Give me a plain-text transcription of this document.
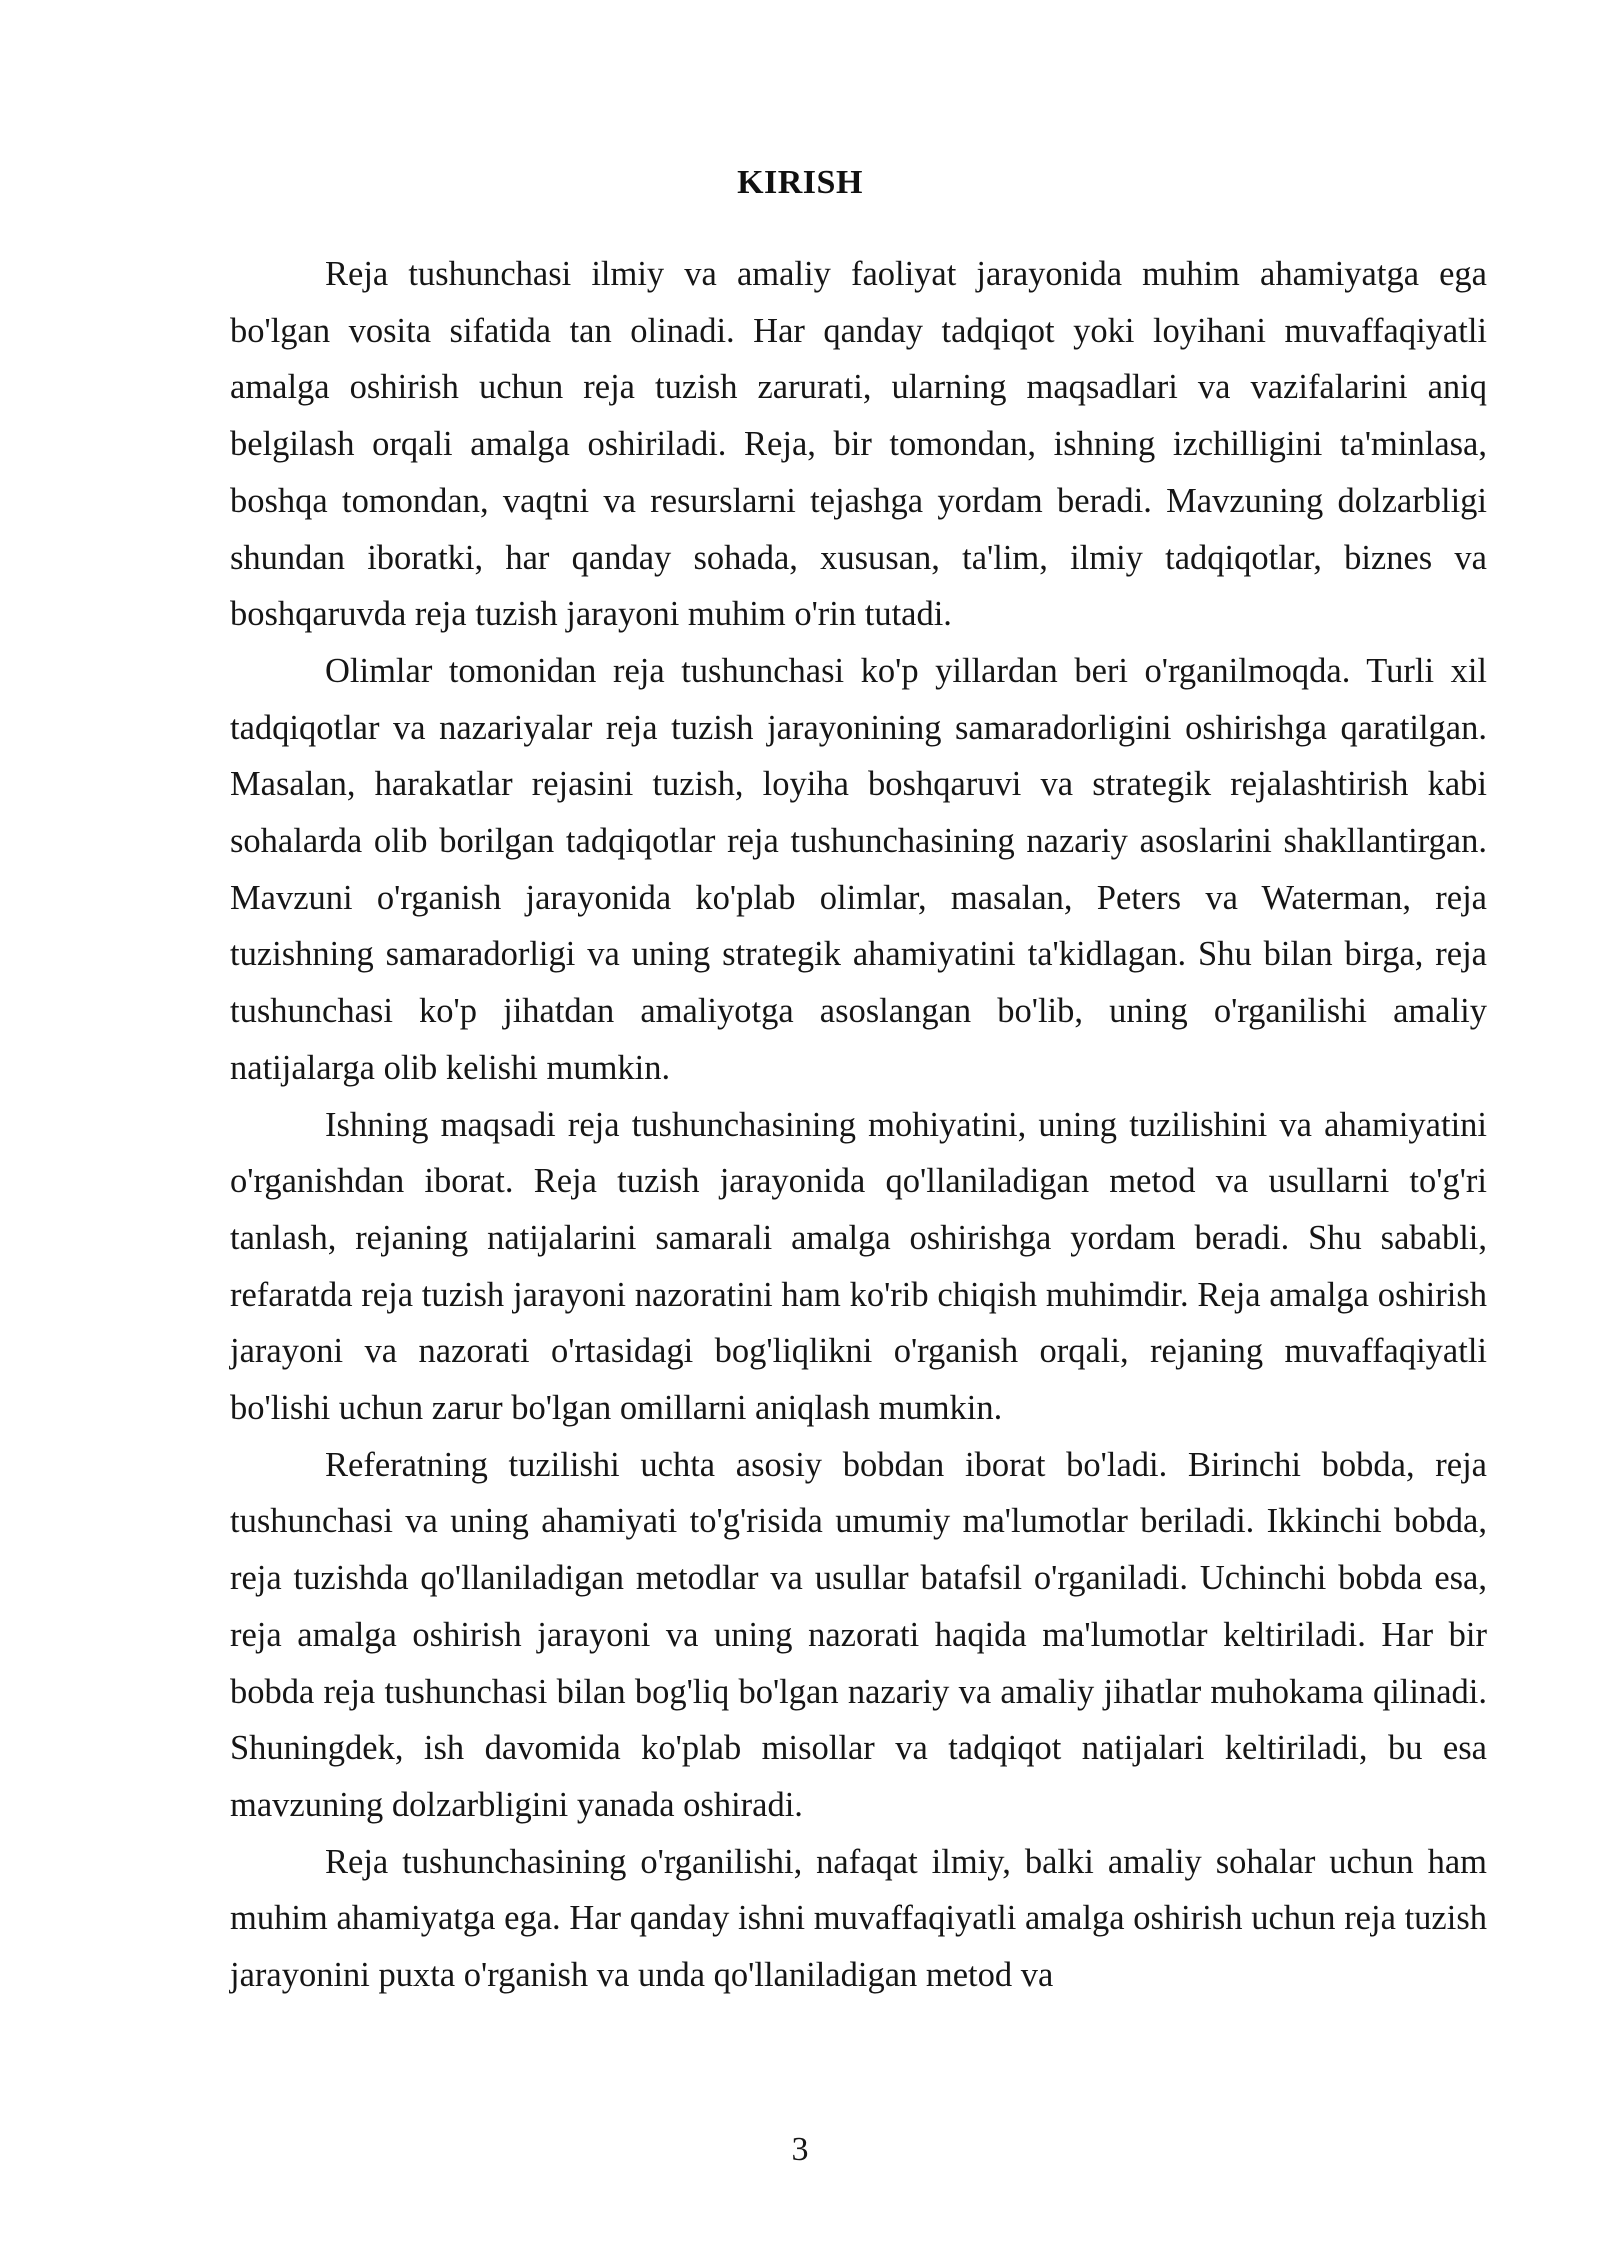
KIRISH

Reja tushunchasi ilmiy va amaliy faoliyat jarayonida muhim ahamiyatga ega bo'lgan vosita sifatida tan olinadi. Har qanday tadqiqot yoki loyihani muvaffaqiyatli amalga oshirish uchun reja tuzish zarurati, ularning maqsadlari va vazifalarini aniq belgilash orqali amalga oshiriladi. Reja, bir tomondan, ishning izchilligini ta'minlasa, boshqa tomondan, vaqtni va resurslarni tejashga yordam beradi. Mavzuning dolzarbligi shundan iboratki, har qanday sohada, xususan, ta'lim, ilmiy tadqiqotlar, biznes va boshqaruvda reja tuzish jarayoni muhim o'rin tutadi.

Olimlar tomonidan reja tushunchasi ko'p yillardan beri o'rganilmoqda. Turli xil tadqiqotlar va nazariyalar reja tuzish jarayonining samaradorligini oshirishga qaratilgan. Masalan, harakatlar rejasini tuzish, loyiha boshqaruvi va strategik rejalashtirish kabi sohalarda olib borilgan tadqiqotlar reja tushunchasining nazariy asoslarini shakllantirgan. Mavzuni o'rganish jarayonida ko'plab olimlar, masalan, Peters va Waterman, reja tuzishning samaradorligi va uning strategik ahamiyatini ta'kidlagan. Shu bilan birga, reja tushunchasi ko'p jihatdan amaliyotga asoslangan bo'lib, uning o'rganilishi amaliy natijalarga olib kelishi mumkin.

Ishning maqsadi reja tushunchasining mohiyatini, uning tuzilishini va ahamiyatini o'rganishdan iborat. Reja tuzish jarayonida qo'llaniladigan metod va usullarni to'g'ri tanlash, rejaning natijalarini samarali amalga oshirishga yordam beradi. Shu sababli, refaratda reja tuzish jarayoni nazoratini ham ko'rib chiqish muhimdir. Reja amalga oshirish jarayoni va nazorati o'rtasidagi bog'liqlikni o'rganish orqali, rejaning muvaffaqiyatli bo'lishi uchun zarur bo'lgan omillarni aniqlash mumkin.

Referatning tuzilishi uchta asosiy bobdan iborat bo'ladi. Birinchi bobda, reja tushunchasi va uning ahamiyati to'g'risida umumiy ma'lumotlar beriladi. Ikkinchi bobda, reja tuzishda qo'llaniladigan metodlar va usullar batafsil o'rganiladi. Uchinchi bobda esa, reja amalga oshirish jarayoni va uning nazorati haqida ma'lumotlar keltiriladi. Har bir bobda reja tushunchasi bilan bog'liq bo'lgan nazariy va amaliy jihatlar muhokama qilinadi. Shuningdek, ish davomida ko'plab misollar va tadqiqot natijalari keltiriladi, bu esa mavzuning dolzarbligini yanada oshiradi.

Reja tushunchasining o'rganilishi, nafaqat ilmiy, balki amaliy sohalar uchun ham muhim ahamiyatga ega. Har qanday ishni muvaffaqiyatli amalga oshirish uchun reja tuzish jarayonini puxta o'rganish va unda qo'llaniladigan metod va

3
